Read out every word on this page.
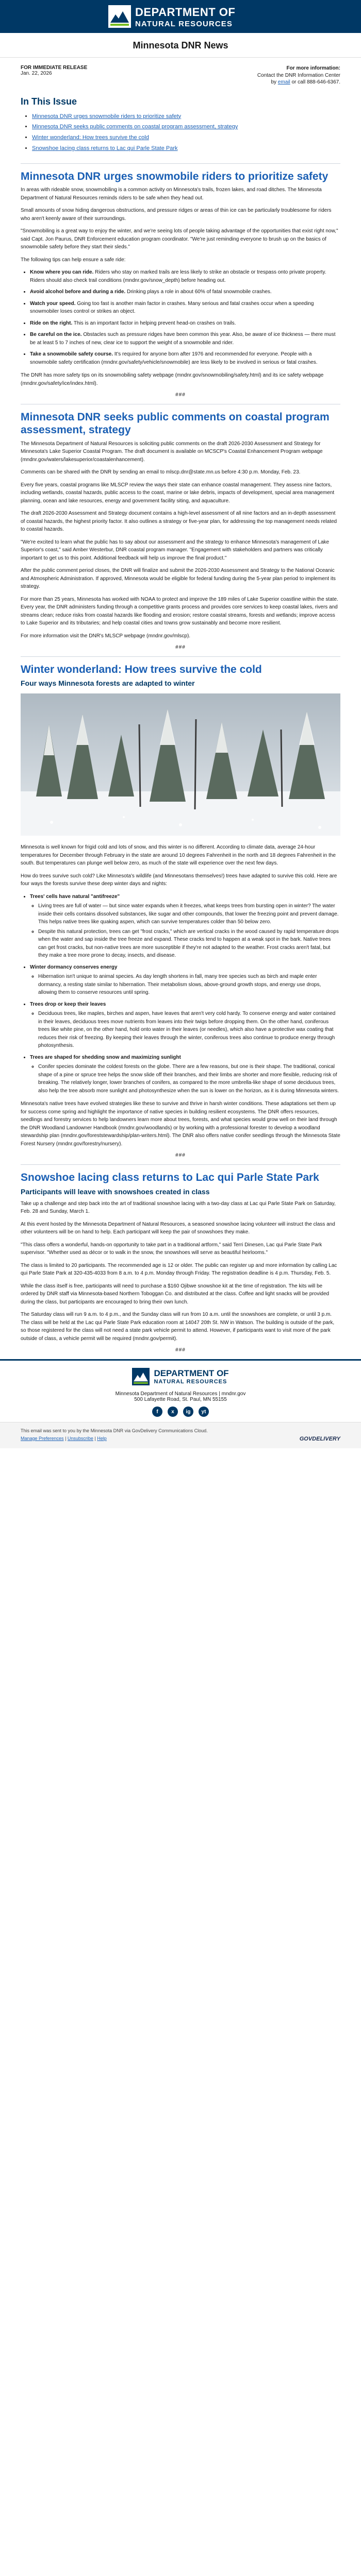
DEPARTMENT OF
NATURAL RESOURCES
Minnesota DNR News
FOR IMMEDIATE RELEASE
Jan. 22, 2026
For more information:
Contact the DNR Information Center
by email or call 888-646-6367.
In This Issue
• Minnesota DNR urges snowmobile riders to prioritize safety
• Minnesota DNR seeks public comments on coastal program assessment, strategy
• Winter wonderland: How trees survive the cold
• Snowshoe lacing class returns to Lac qui Parle State Park
Minnesota DNR urges snowmobile riders to prioritize safety

In areas with rideable snow, snowmobiling is a common activity on Minnesota's trails, frozen lakes, and road ditches. The Minnesota Department of Natural Resources reminds riders to be safe when they head out.

Small amounts of snow hiding dangerous obstructions, and pressure ridges or areas of thin ice can be particularly troublesome for riders who aren't keenly aware of their surroundings.

"Snowmobiling is a great way to enjoy the winter, and we're seeing lots of people taking advantage of the opportunities that exist right now," said Capt. Jon Paurus, DNR Enforcement education program coordinator. "We're just reminding everyone to brush up on the basics of snowmobile safety before they start their sleds."

The following tips can help ensure a safe ride:

• Know where you can ride. Riders who stay on marked trails are less likely to strike an obstacle or trespass onto private property. Riders should also check trail conditions (mndnr.gov/snow_depth) before heading out.
• Avoid alcohol before and during a ride. Drinking plays a role in about 60% of fatal snowmobile crashes.
• Watch your speed. Going too fast is another main factor in crashes. Many serious and fatal crashes occur when a speeding snowmobiler loses control or strikes an object.
• Ride on the right. This is an important factor in helping prevent head-on crashes on trails.
• Be careful on the ice. Obstacles such as pressure ridges have been common this year. Also, be aware of ice thickness — there must be at least 5 to 7 inches of new, clear ice to support the weight of a snowmobile and rider.
• Take a snowmobile safety course. It's required for anyone born after 1976 and recommended for everyone. People with a snowmobile safety certification (mndnr.gov/safety/vehicle/snowmobile) are less likely to be involved in serious or fatal crashes.

The DNR has more safety tips on its snowmobiling safety webpage (mndnr.gov/snowmobiling/safety.html) and its ice safety webpage (mndnr.gov/safety/ice/index.html).

###
Minnesota DNR seeks public comments on coastal program assessment, strategy

The Minnesota Department of Natural Resources is soliciting public comments on the draft 2026-2030 Assessment and Strategy for Minnesota's Lake Superior Coastal Program. The draft document is available on MCSCP's Coastal Enhancement Program webpage (mndnr.gov/waters/lakesuperior/coastalenhancement).

Comments can be shared with the DNR by sending an email to mlscp.dnr@state.mn.us before 4:30 p.m. Monday, Feb. 23.

Every five years, coastal programs like MLSCP review the ways their state can enhance coastal management. They assess nine factors, including wetlands, coastal hazards, public access to the coast, marine or lake debris, impacts of development, special area management planning, ocean and lake resources, energy and government facility siting, and aquaculture.

The draft 2026-2030 Assessment and Strategy document contains a high-level assessment of all nine factors and an in-depth assessment of coastal hazards, the highest priority factor. It also outlines a strategy or five-year plan, for addressing the top management needs related to coastal hazards.

"We're excited to learn what the public has to say about our assessment and the strategy to enhance Minnesota's management of Lake Superior's coast," said Amber Westerbur, DNR coastal program manager. "Engagement with stakeholders and partners was critically important to get us to this point. Additional feedback will help us improve the final product."

After the public comment period closes, the DNR will finalize and submit the 2026-2030 Assessment and Strategy to the National Oceanic and Atmospheric Administration. If approved, Minnesota would be eligible for federal funding during the 5-year plan period to implement its strategy.

For more than 25 years, Minnesota has worked with NOAA to protect and improve the 189 miles of Lake Superior coastline within the state. Every year, the DNR administers funding through a competitive grants process and provides core services to keep coastal lakes, rivers and streams clean; reduce risks from coastal hazards like flooding and erosion; restore coastal streams, forests and wetlands; improve access to Lake Superior and its tributaries; and help coastal cities and towns grow sustainably and become more resilient.

For more information visit the DNR's MLSCP webpage (mndnr.gov/mlscp).

###
Winter wonderland: How trees survive the cold
Four ways Minnesota forests are adapted to winter

Minnesota is well known for frigid cold and lots of snow, and this winter is no different. According to climate data, average 24-hour temperatures for December through February in the state are around 10 degrees Fahrenheit in the north and 18 degrees Fahrenheit in the south. But temperatures can plunge well below zero, as much of the state will experience over the next few days.

How do trees survive such cold? Like Minnesota's wildlife (and Minnesotans themselves!) trees have adapted to survive this cold. Here are four ways the forests survive these deep winter days and nights:

• Trees' cells have natural "antifreeze"
◦ Living trees are full of water — but since water expands when it freezes, what keeps trees from bursting open in winter? The water inside their cells contains dissolved substances, like sugar and other compounds, that lower the freezing point and prevent damage. This helps native trees like quaking aspen, which can survive temperatures colder than 50 below zero.
◦ Despite this natural protection, trees can get "frost cracks," which are vertical cracks in the wood caused by rapid temperature drops when the water and sap inside the tree freeze and expand. These cracks tend to happen at a weak spot in the bark. Native trees can get frost cracks, but non-native trees are more susceptible if they're not adapted to the weather. Frost cracks aren't fatal, but they make a tree more prone to decay, insects, and disease.
• Winter dormancy conserves energy
◦ Hibernation isn't unique to animal species. As day length shortens in fall, many tree species such as birch and maple enter dormancy, a resting state similar to hibernation. Their metabolism slows, above-ground growth stops, and energy use drops, allowing them to conserve resources until spring.
• Trees drop or keep their leaves
◦ Deciduous trees, like maples, birches and aspen, have leaves that aren't very cold hardy. To conserve energy and water contained in their leaves, deciduous trees move nutrients from leaves into their twigs before dropping them. On the other hand, coniferous trees like white pine, on the other hand, hold onto water in their leaves (or needles), which also have a protective wax coating that reduces their risk of freezing. By keeping their leaves through the winter, coniferous trees also continue to produce energy through photosynthesis.
• Trees are shaped for shedding snow and maximizing sunlight
◦ Conifer species dominate the coldest forests on the globe. There are a few reasons, but one is their shape. The traditional, conical shape of a pine or spruce tree helps the snow slide off their branches, and their limbs are shorter and more flexible, reducing risk of breaking. The relatively longer, lower branches of conifers, as compared to the more umbrella-like shape of some deciduous trees, also help the tree absorb more sunlight and photosynthesize when the sun is lower on the horizon, as it is during Minnesota winters.

Minnesota's native trees have evolved strategies like these to survive and thrive in harsh winter conditions. These adaptations set them up for success come spring and highlight the importance of native species in building resilient ecosystems. The DNR offers resources, seedlings and forestry services to help landowners learn more about trees, forests, and what species would grow well on their land through the DNR Woodland Landowner Handbook (mndnr.gov/woodlands) or by working with a professional forester to develop a woodland stewardship plan (mndnr.gov/foreststewardship/plan-writers.html). The DNR also offers native conifer seedlings through the Minnesota State Forest Nursery (mndnr.gov/forestry/nursery).

###
Snowshoe lacing class returns to Lac qui Parle State Park
Participants will leave with snowshoes created in class

Take up a challenge and step back into the art of traditional snowshoe lacing with a two-day class at Lac qui Parle State Park on Saturday, Feb. 28 and Sunday, March 1.

At this event hosted by the Minnesota Department of Natural Resources, a seasoned snowshoe lacing volunteer will instruct the class and other volunteers will be on hand to help. Each participant will keep the pair of snowshoes they make.

"This class offers a wonderful, hands-on opportunity to take part in a traditional artform," said Terri Dinesen, Lac qui Parle State Park supervisor. "Whether used as décor or to walk in the snow, the snowshoes will serve as beautiful heirlooms."

The class is limited to 20 participants. The recommended age is 12 or older. The public can register up and more information by calling Lac qui Parle State Park at 320-435-4033 from 8 a.m. to 4 p.m. Monday through Friday. The registration deadline is 4 p.m. Thursday, Feb. 5.

While the class itself is free, participants will need to purchase a $160 Ojibwe snowshoe kit at the time of registration. The kits will be ordered by DNR staff via Minnesota-based Northern Toboggan Co. and distributed at the class. Coffee and light snacks will be provided during the class, but participants are encouraged to bring their own lunch.

The Saturday class will run 9 a.m. to 4 p.m., and the Sunday class will run from 10 a.m. until the snowshoes are complete, or until 3 p.m. The class will be held at the Lac qui Parle State Park education room at 14047 20th St. NW in Watson. The building is outside of the park, so those registered for the class will not need a state park vehicle permit to attend. However, if participants want to visit more of the park outside of class, a vehicle permit will be required (mndnr.gov/permit).

###
DEPARTMENT OF
NATURAL RESOURCES
Minnesota Department of Natural Resources | mndnr.gov
500 Lafayette Road, St. Paul, MN 55155
f	x	ig	yt
This email was sent to you by the Minnesota DNR via GovDelivery Communications Cloud.
Manage Preferences | Unsubscribe | Help	GOVDELIVERY
